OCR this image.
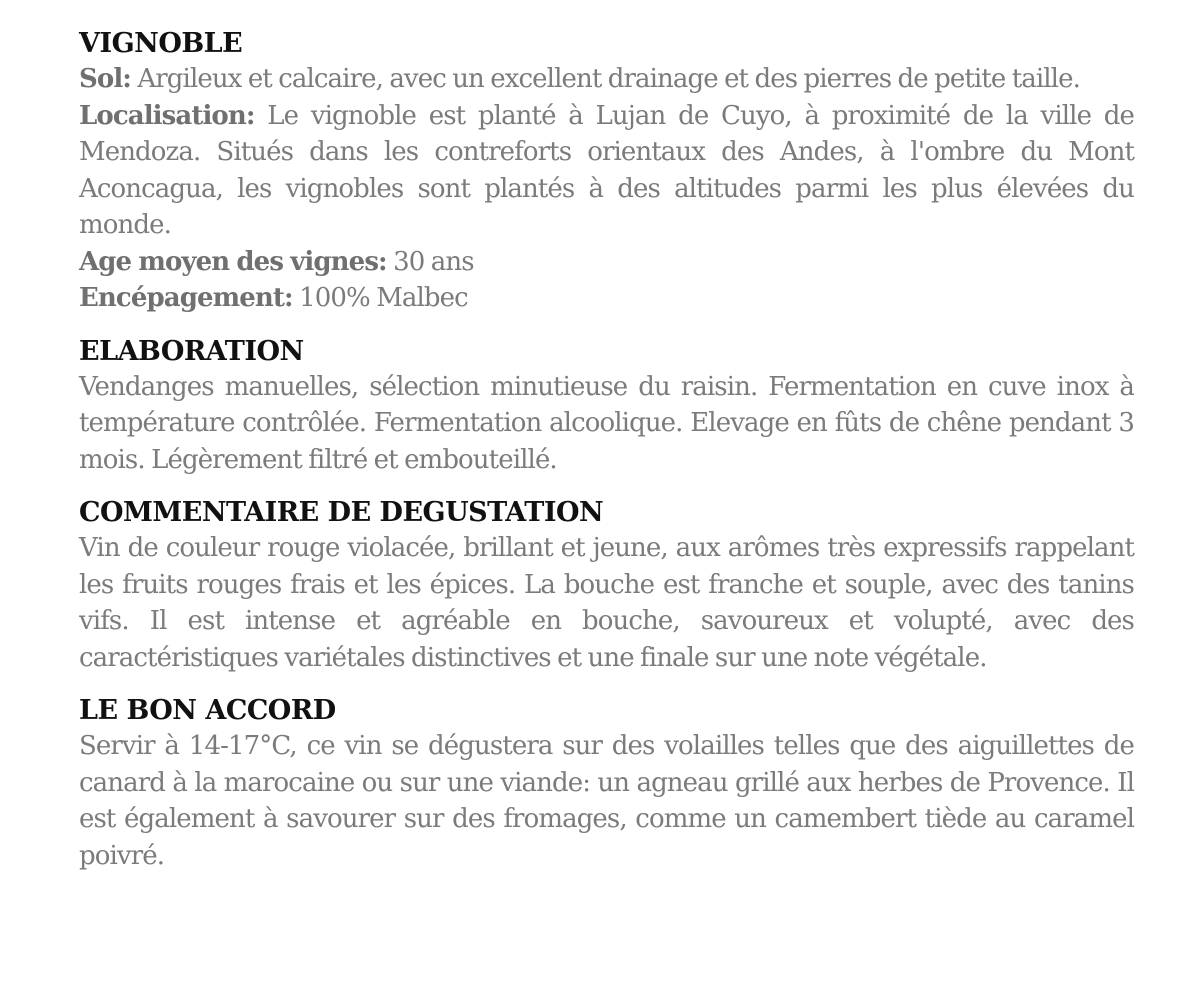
VIGNOBLE

Sol: Argileux et calcaire, avec un excellent drainage et des pierres de petite taille.

Localisation: Le vignoble est planté à Lujan de Cuyo, à proximité de la ville de Mendoza. Situés dans les contreforts orientaux des Andes, à l'ombre du Mont Aconcagua, les vignobles sont plantés à des altitudes parmi les plus élevées du monde.

Age moyen des vignes: 30 ans

Encépagement: 100% Malbec

ELABORATION

Vendanges manuelles, sélection minutieuse du raisin. Fermentation en cuve inox à température contrôlée. Fermentation alcoolique. Elevage en fûts de chêne pendant 3 mois. Légèrement filtré et embouteillé.

COMMENTAIRE DE DEGUSTATION

Vin de couleur rouge violacée, brillant et jeune, aux arômes très expressifs rappelant les fruits rouges frais et les épices. La bouche est franche et souple, avec des tanins vifs. Il est intense et agréable en bouche, savoureux et volupté, avec des caractéristiques variétales distinctives et une finale sur une note végétale.

LE BON ACCORD

Servir à 14-17°C, ce vin se dégustera sur des volailles telles que des aiguillettes de canard à la marocaine ou sur une viande: un agneau grillé aux herbes de Provence. Il est également à savourer sur des fromages, comme un camembert tiède au caramel poivré.
